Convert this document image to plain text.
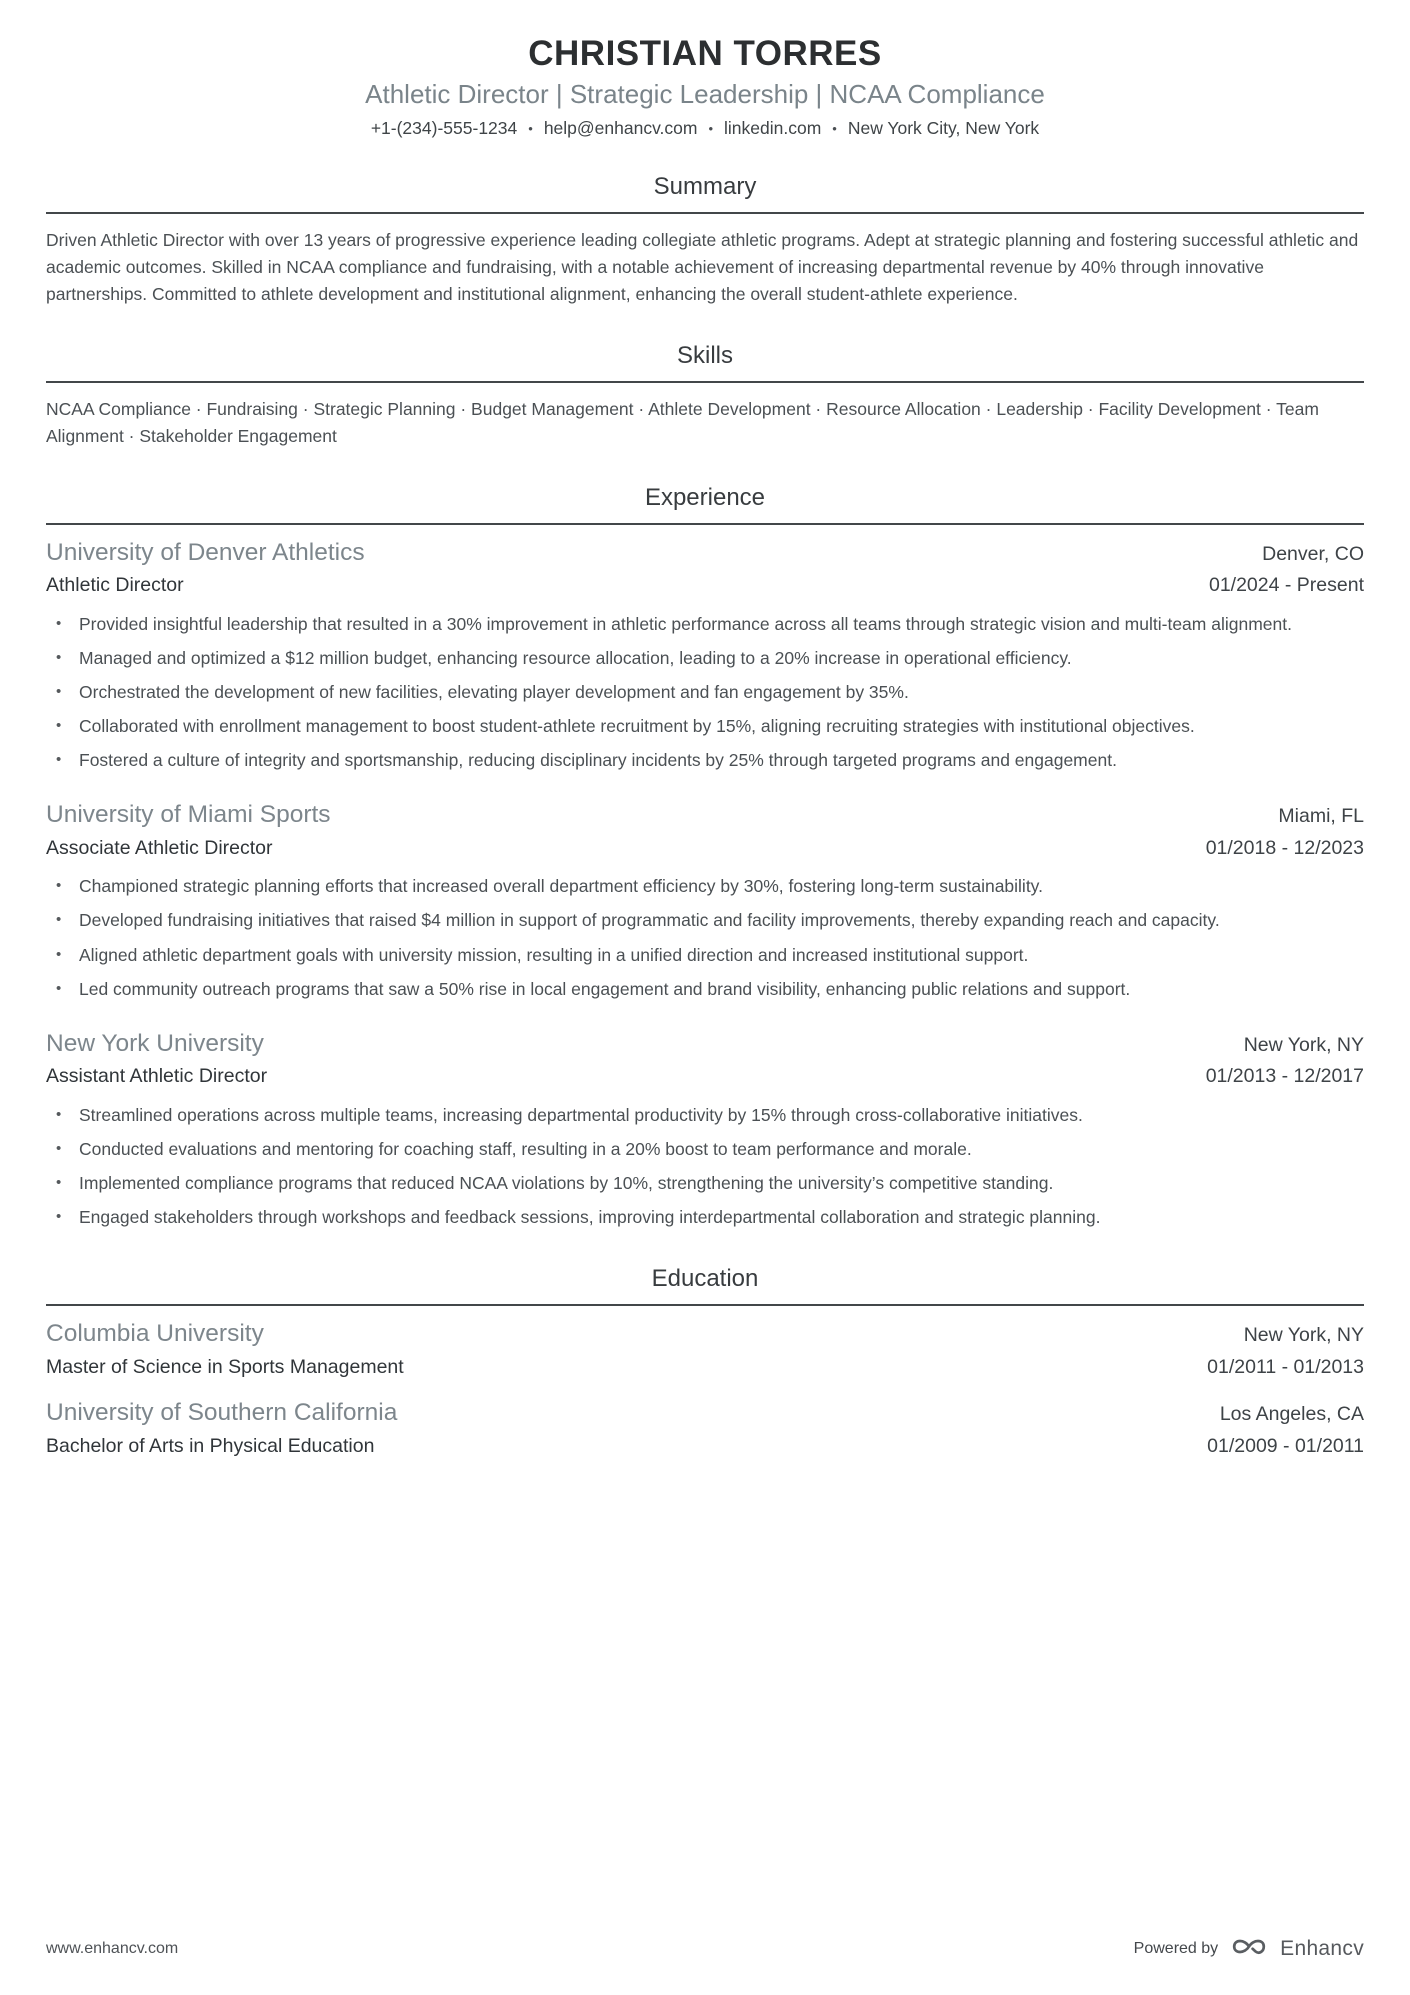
CHRISTIAN TORRES
Athletic Director | Strategic Leadership | NCAA Compliance
+1-(234)-555-1234 • help@enhancv.com • linkedin.com • New York City, New York
Summary

Driven Athletic Director with over 13 years of progressive experience leading collegiate athletic programs. Adept at strategic planning and fostering successful athletic and academic outcomes. Skilled in NCAA compliance and fundraising, with a notable achievement of increasing departmental revenue by 40% through innovative partnerships. Committed to athlete development and institutional alignment, enhancing the overall student-athlete experience.

Skills

NCAA Compliance · Fundraising · Strategic Planning · Budget Management · Athlete Development · Resource Allocation · Leadership · Facility Development · Team Alignment · Stakeholder Engagement

Experience
University of Denver Athletics	Denver, CO
Athletic Director	01/2024 - Present
• Provided insightful leadership that resulted in a 30% improvement in athletic performance across all teams through strategic vision and multi-team alignment.
• Managed and optimized a $12 million budget, enhancing resource allocation, leading to a 20% increase in operational efficiency.
• Orchestrated the development of new facilities, elevating player development and fan engagement by 35%.
• Collaborated with enrollment management to boost student-athlete recruitment by 15%, aligning recruiting strategies with institutional objectives.
• Fostered a culture of integrity and sportsmanship, reducing disciplinary incidents by 25% through targeted programs and engagement.
University of Miami Sports	Miami, FL
Associate Athletic Director	01/2018 - 12/2023
• Championed strategic planning efforts that increased overall department efficiency by 30%, fostering long-term sustainability.
• Developed fundraising initiatives that raised $4 million in support of programmatic and facility improvements, thereby expanding reach and capacity.
• Aligned athletic department goals with university mission, resulting in a unified direction and increased institutional support.
• Led community outreach programs that saw a 50% rise in local engagement and brand visibility, enhancing public relations and support.
New York University	New York, NY
Assistant Athletic Director	01/2013 - 12/2017
• Streamlined operations across multiple teams, increasing departmental productivity by 15% through cross-collaborative initiatives.
• Conducted evaluations and mentoring for coaching staff, resulting in a 20% boost to team performance and morale.
• Implemented compliance programs that reduced NCAA violations by 10%, strengthening the university’s competitive standing.
• Engaged stakeholders through workshops and feedback sessions, improving interdepartmental collaboration and strategic planning.
Education
Columbia University	New York, NY
Master of Science in Sports Management	01/2011 - 01/2013
University of Southern California	Los Angeles, CA
Bachelor of Arts in Physical Education	01/2009 - 01/2011
www.enhancv.com	Powered by	Enhancv
